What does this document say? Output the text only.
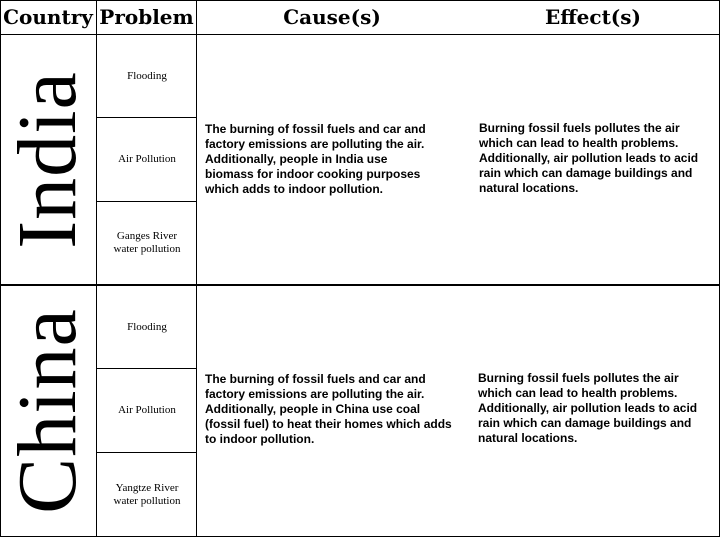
Country Problem	Cause(s)	Effect(s)
India
China
Flooding
Air Pollution
Ganges River
water pollution
Flooding
Air Pollution
Yangtze River
water pollution
The burning of fossil fuels and car and
factory emissions are polluting the air.
Additionally, people in India use
biomass for indoor cooking purposes
which adds to indoor pollution.
Burning fossil fuels pollutes the air
which can lead to health problems.
Additionally, air pollution leads to acid
rain which can damage buildings and
natural locations.
The burning of fossil fuels and car and
factory emissions are polluting the air.
Additionally, people in China use coal
(fossil fuel) to heat their homes which adds
to indoor pollution.
Burning fossil fuels pollutes the air
which can lead to health problems.
Additionally, air pollution leads to acid
rain which can damage buildings and
natural locations.
